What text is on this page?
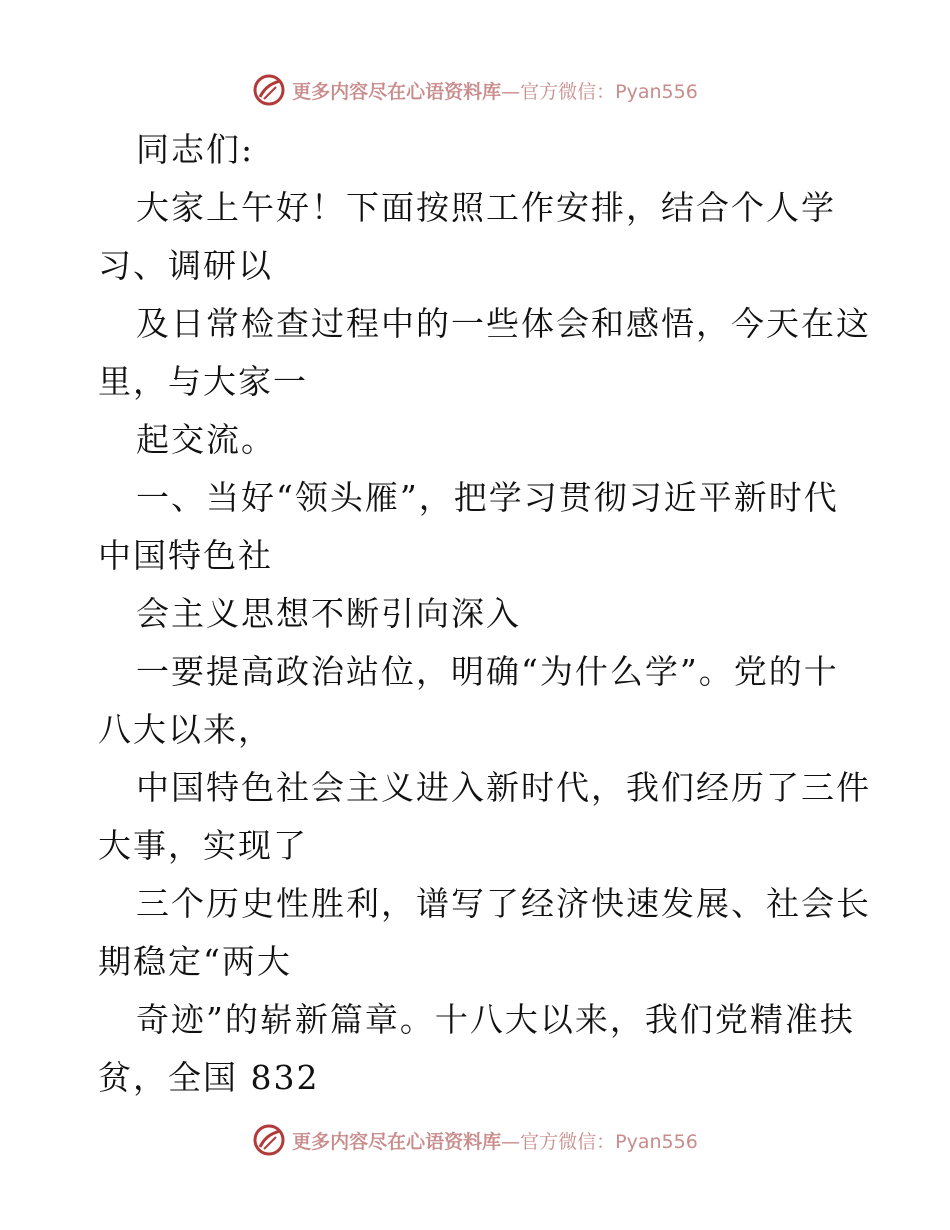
更多内容尽在心语资料库 —官方微信：Pyan556
同志们:
大家上午好！下面按照工作安排，结合个人学
习、调研以
及日常检查过程中的一些体会和感悟，今天在这
里，与大家一
起交流。
一、当好“领头雁”，把学习贯彻习近平新时代
中国特色社
会主义思想不断引向深入
一要提高政治站位，明确“为什么学”。党的十
八大以来，
中国特色社会主义进入新时代，我们经历了三件
大事，实现了
三个历史性胜利，谱写了经济快速发展、社会长
期稳定“两大
奇迹”的崭新篇章。十八大以来，我们党精准扶
贫，全国 832
更多内容尽在心语资料库 —官方微信：Pyan556
